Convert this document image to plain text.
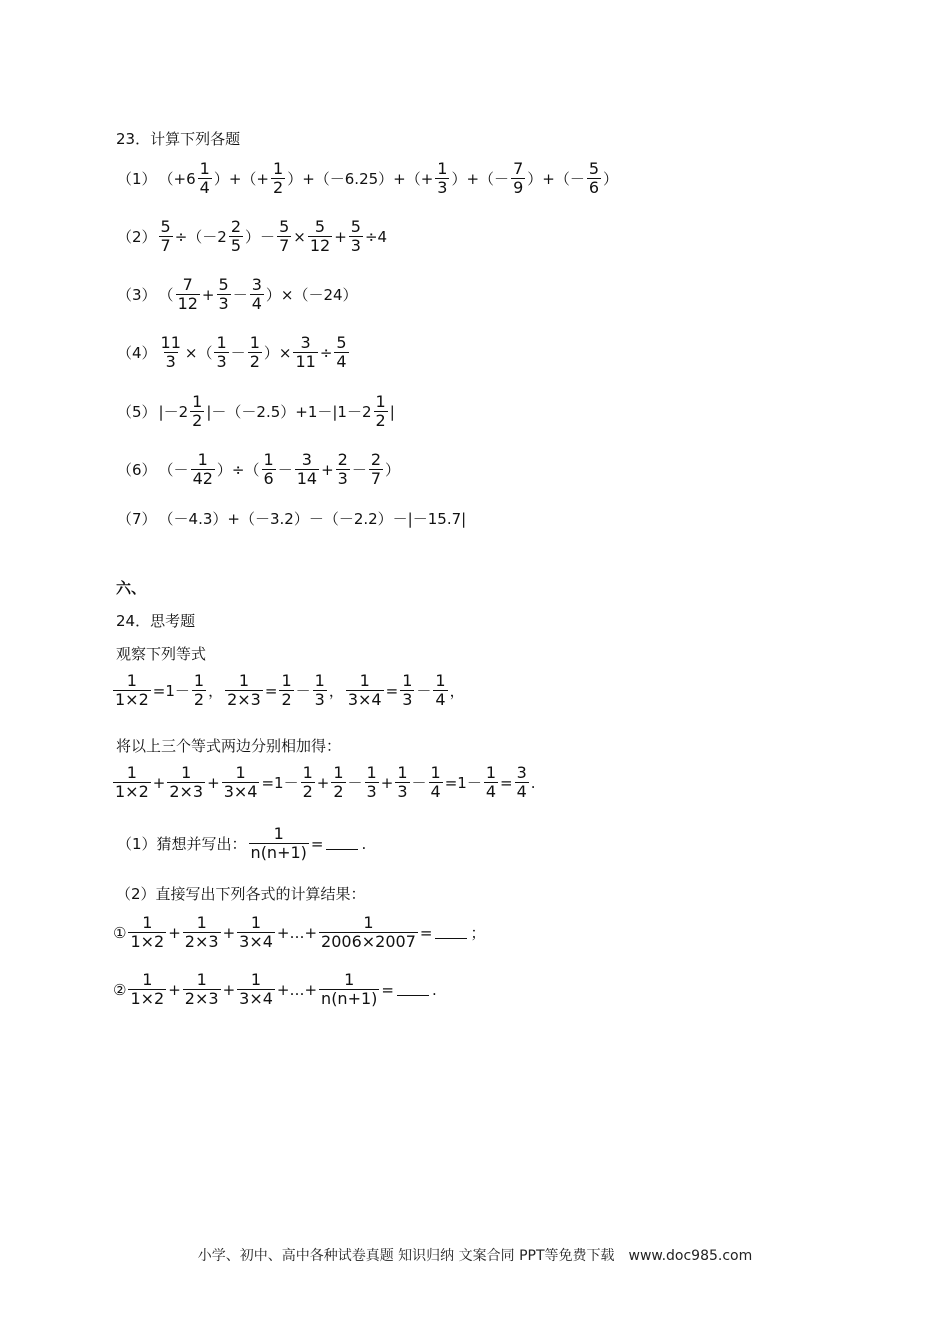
23．计算下列各题
（1） （$+6 \frac{1}{4}$ ）+（+ $\frac{1}{2} )+(-6.25)+(+ \frac{1}{3}$ ）+（－ $\frac{7}{9}$ ）+（－ $\frac{5}{6}$ ）
$(2) \frac{5}{7} \div(-2 \frac{2}{5}$ ）－ $\frac{5}{7} \times \frac{5}{12} + \frac{5}{3} \div 4$
（3） （ $\frac{7}{12} + \frac{5}{3} - \frac{3}{4} )\times(-24)$
$(4) \frac{11}{3}$ ×（ $\frac{1}{3} - \frac{1}{2}$ ）× $\frac{3}{11} \div \frac{5}{4}$
（5） $|-2 \frac{1}{2} |-(-2.5)+1-|1-2 \frac{1}{2}$ |
（6） （－ $\frac{1}{42}$ ）÷（ $\frac{1}{6} - \frac{3}{14} + \frac{2}{3} - \frac{2}{7}$ ）
（7） （－4.3）+（－3.2）－（－2.2）－|－15.7|
六、
24．思考题
观察下列等式
$\frac{1}{1\times 2} =1- \frac{1}{2}$ ， $\frac{1}{2\times 3} = \frac{1}{2} - \frac{1}{3}$ ， $\frac{1}{3\times 4} = \frac{1}{3} - \frac{1}{4}$ ，
将以上三个等式两边分别相加得：
$\frac{1}{1\times 2} + \frac{1}{2\times 3} + \frac{1}{3\times 4} =1- \frac{1}{2} + \frac{1}{2} - \frac{1}{3} + \frac{1}{3} - \frac{1}{4} =1- \frac{1}{4} = \frac{3}{4}$ .
（1）猜想并写出： $\frac{1}{n(n+1)}$ =	.
（2）直接写出下列各式的计算结果：
① $\frac{1}{1\times 2} + \frac{1}{2\times 3} + \frac{1}{3\times 4}$ +…+ $\frac{1}{2006\times 2007}$ =	；
② $\frac{1}{1\times 2} + \frac{1}{2\times 3} + \frac{1}{3\times 4}$ +…+ $\frac{1}{n(n+1)}$ =	.
小学、初中、高中各种试卷真题 知识归纳 文案合同 PPT等免费下载　www.doc985.com
